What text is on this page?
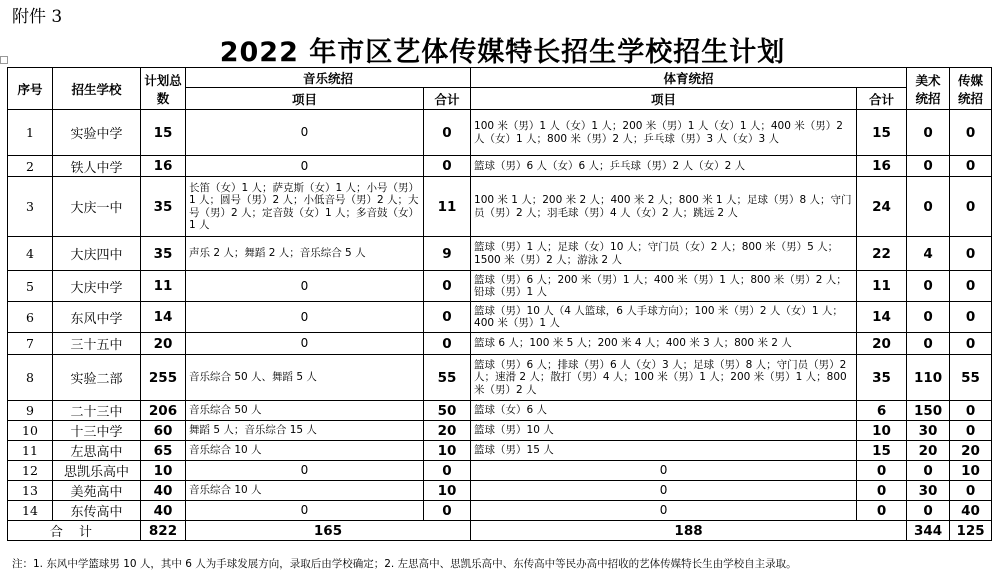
附件 3
2022 年市区艺体传媒特长招生学校招生计划
序号	招生学校	计划总数	音乐统招		体育统招		美术统招	传媒统招
			项目	合计	项目	合计		
1	实验中学	15	0	0	100 米（男）1 人（女）1 人；200 米（男）1 人（女）1 人；400 米（男）2 人（女）1 人；800 米（男）2 人；乒乓球（男）3 人（女）3 人	15	0	0
2	铁人中学	16	0	0	篮球（男）6 人（女）6 人；乒乓球（男）2 人（女）2 人	16	0	0
3	大庆一中	35	长笛（女）1 人；萨克斯（女）1 人；小号（男）1 人；圆号（男）2 人；小低音号（男）2 人；大号（男）2 人；定音鼓（女）1 人；多音鼓（女）1 人	11	100 米 1 人；200 米 2 人；400 米 2 人；800 米 1 人；足球（男）8 人；守门员（男）2 人；羽毛球（男）4 人（女）2 人；跳远 2 人	24	0	0
4	大庆四中	35	声乐 2 人；舞蹈 2 人；音乐综合 5 人	9	篮球（男）1 人；足球（女）10 人；守门员（女）2 人；800 米（男）5 人；1500 米（男）2 人；游泳 2 人	22	4	0
5	大庆中学	11	0	0	篮球（男）6 人；200 米（男）1 人；400 米（男）1 人；800 米（男）2 人；铅球（男）1 人	11	0	0
6	东风中学	14	0	0	篮球（男）10 人（4 人篮球，6 人手球方向）；100 米（男）2 人（女）1 人；400 米（男）1 人	14	0	0
7	三十五中	20	0	0	篮球 6 人；100 米 5 人；200 米 4 人；400 米 3 人；800 米 2 人	20	0	0
8	实验二部	255	音乐综合 50 人、舞蹈 5 人	55	篮球（男）6 人；排球（男）6 人（女）3 人；足球（男）8 人；守门员（男）2 人；速滑 2 人；散打（男）4 人；100 米（男）1 人；200 米（男）1 人；800 米（男）2 人	35	110	55
9	二十三中	206	音乐综合 50 人	50	篮球（女）6 人	6	150	0
10	十三中学	60	舞蹈 5 人；音乐综合 15 人	20	篮球（男）10 人	10	30	0
11	左思高中	65	音乐综合 10 人	10	篮球（男）15 人	15	20	20
12	思凯乐高中	10	0	0	0	0	0	10
13	美苑高中	40	音乐综合 10 人	10	0	0	30	0
14	东传高中	40	0	0	0	0	0	40
合 计		822	165		188		344	125
注：1. 东风中学篮球男 10 人，其中 6 人为手球发展方向，录取后由学校确定；2. 左思高中、思凯乐高中、东传高中等民办高中招收的艺体传媒特长生由学校自主录取。
